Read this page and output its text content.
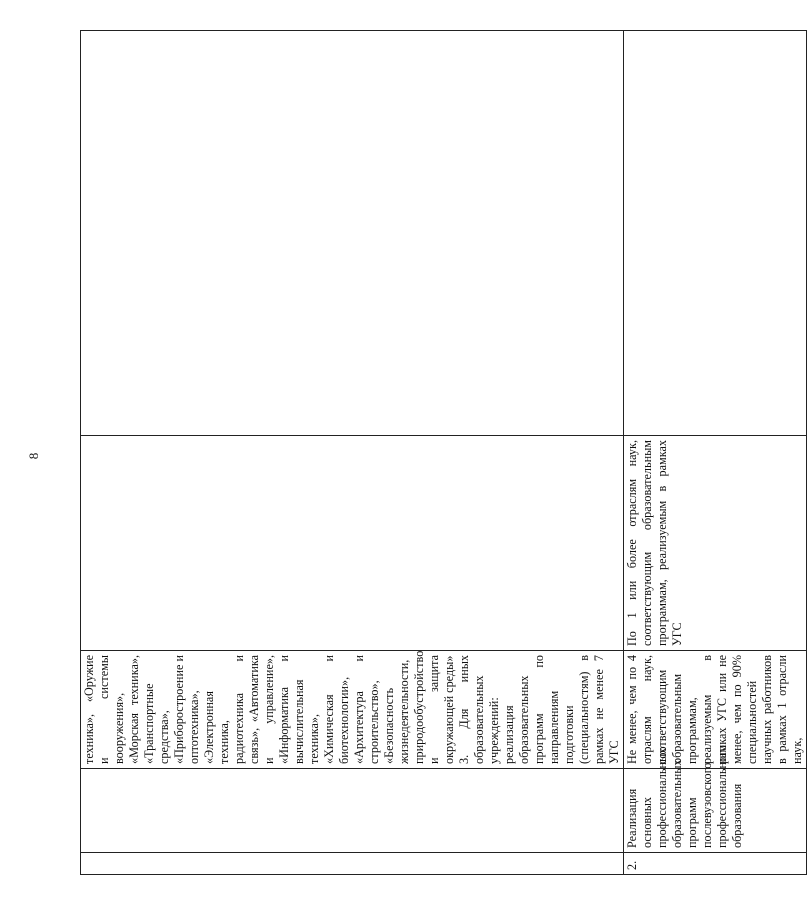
8

		техника», «Оружие и системы вооружения», «Морская техника», «Транспортные средства», «Приборостроение и оптотехника», «Электронная техника, радиотехника и связь», «Автоматика и управление», «Информатика и вычислительная техника», «Химическая и биотехнологии», «Архитектура и строительство», «Безопасность жизнедеятельности, природообустройство и защита окружающей среды»
3. Для иных образовательных учреждений: реализация образовательных программ по направлениям подготовки (специальностям) в рамках не менее 7 УГС		

2.	Реализация основных профессиональных образовательных программ послевузовского профессионального образования	Не менее, чем по 4 отраслям наук, соответствующим образовательным программам, реализуемым в рамках УГС или не менее, чем по 90% специальностей научных работников в рамках 1 отрасли наук,	По 1 или более отраслям наук, соответствующим образовательным программам, реализуемым в рамках УГС	
